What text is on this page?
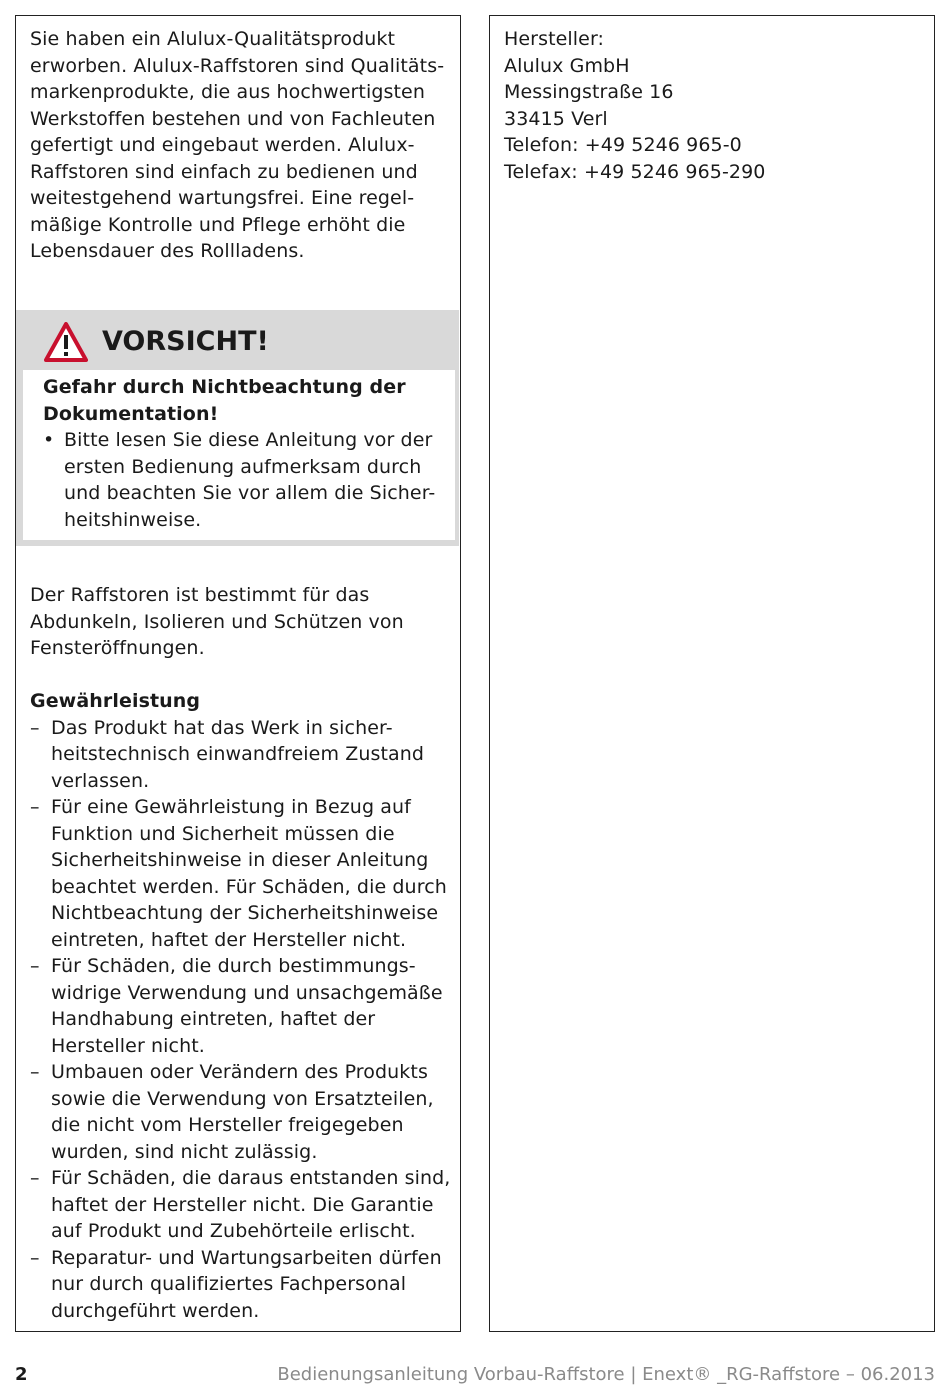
Sie haben ein Alulux-Qualitätsprodukt
erworben. Alulux-Raffstoren sind Qualitäts-
markenprodukte, die aus hochwertigsten
Werkstoffen bestehen und von Fachleuten
gefertigt und eingebaut werden. Alulux-
Raffstoren sind einfach zu bedienen und
weitestgehend wartungsfrei. Eine regel-
mäßige Kontrolle und Pflege erhöht die
Lebensdauer des Rollladens.
VORSICHT!
Gefahr durch Nichtbeachtung der
Dokumentation!
• Bitte lesen Sie diese Anleitung vor der
ersten Bedienung aufmerksam durch
und beachten Sie vor allem die Sicher-
heitshinweise.
Der Raffstoren ist bestimmt für das
Abdunkeln, Isolieren und Schützen von
Fensteröffnungen.
Gewährleistung
– Das Produkt hat das Werk in sicher-
heitstechnisch einwandfreiem Zustand
verlassen.
– Für eine Gewährleistung in Bezug auf
Funktion und Sicherheit müssen die
Sicherheitshinweise in dieser Anleitung
beachtet werden. Für Schäden, die durch
Nichtbeachtung der Sicherheitshinweise
eintreten, haftet der Hersteller nicht.
– Für Schäden, die durch bestimmungs-
widrige Verwendung und unsachgemäße
Handhabung eintreten, haftet der
Hersteller nicht.
– Umbauen oder Verändern des Produkts
sowie die Verwendung von Ersatzteilen,
die nicht vom Hersteller freigegeben
wurden, sind nicht zulässig.
– Für Schäden, die daraus entstanden sind,
haftet der Hersteller nicht. Die Garantie
auf Produkt und Zubehörteile erlischt.
– Reparatur- und Wartungsarbeiten dürfen
nur durch qualifiziertes Fachpersonal
durchgeführt werden.
Hersteller:
Alulux GmbH
Messingstraße 16
33415 Verl
Telefon: +49 5246 965-0
Telefax: +49 5246 965-290
2	Bedienungsanleitung Vorbau-Raffstore | Enext® _RG-Raffstore – 06.2013
